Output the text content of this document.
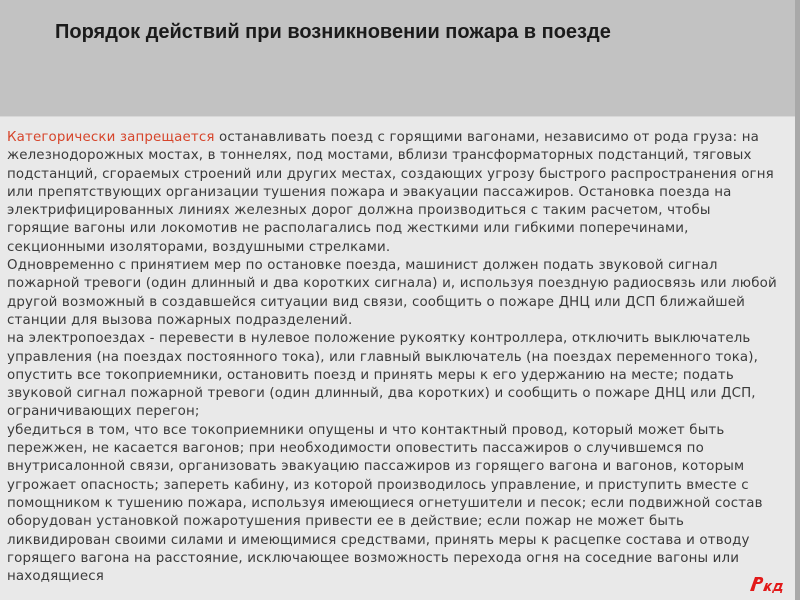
Порядок действий при возникновении пожара в поезде

Категорически запрещается останавливать поезд с горящими вагонами, независимо от рода груза: на железнодорожных мостах, в тоннелях, под мостами, вблизи трансформаторных подстанций, тяговых подстанций, сгораемых строений или других местах, создающих угрозу быстрого распространения огня или препятствующих организации тушения пожара и эвакуации пассажиров. Остановка поезда на электрифицированных линиях железных дорог должна производиться с таким расчетом, чтобы горящие вагоны или локомотив не располагались под жесткими или гибкими поперечинами, секционными изоляторами, воздушными стрелками.

Одновременно с принятием мер по остановке поезда, машинист должен подать звуковой сигнал пожарной тревоги (один длинный и два коротких сигнала) и, используя поездную радиосвязь или любой другой возможный в создавшейся ситуации вид связи, сообщить о пожаре ДНЦ или ДСП ближайшей станции для вызова пожарных подразделений.

на электропоездах - перевести в нулевое положение рукоятку контроллера, отключить выключатель управления (на поездах постоянного тока), или главный выключатель (на поездах переменного тока), опустить все токоприемники, остановить поезд и принять меры к его удержанию на месте; подать звуковой сигнал пожарной тревоги (один длинный, два коротких) и сообщить о пожаре ДНЦ или ДСП, ограничивающих перегон;

убедиться в том, что все токоприемники опущены и что контактный провод, который может быть пережжен, не касается вагонов; при необходимости оповестить пассажиров о случившемся по внутрисалонной связи, организовать эвакуацию пассажиров из горящего вагона и вагонов, которым угрожает опасность; запереть кабину, из которой производилось управление, и приступить вместе с помощником к тушению пожара, используя имеющиеся огнетушители и песок; если подвижной состав оборудован установкой пожаротушения привести ее в действие; если пожар не может быть ликвидирован своими силами и имеющимися средствами, принять меры к расцепке состава и отводу горящего вагона на расстояние, исключающее возможность перехода огня на соседние вагоны или находящиеся
